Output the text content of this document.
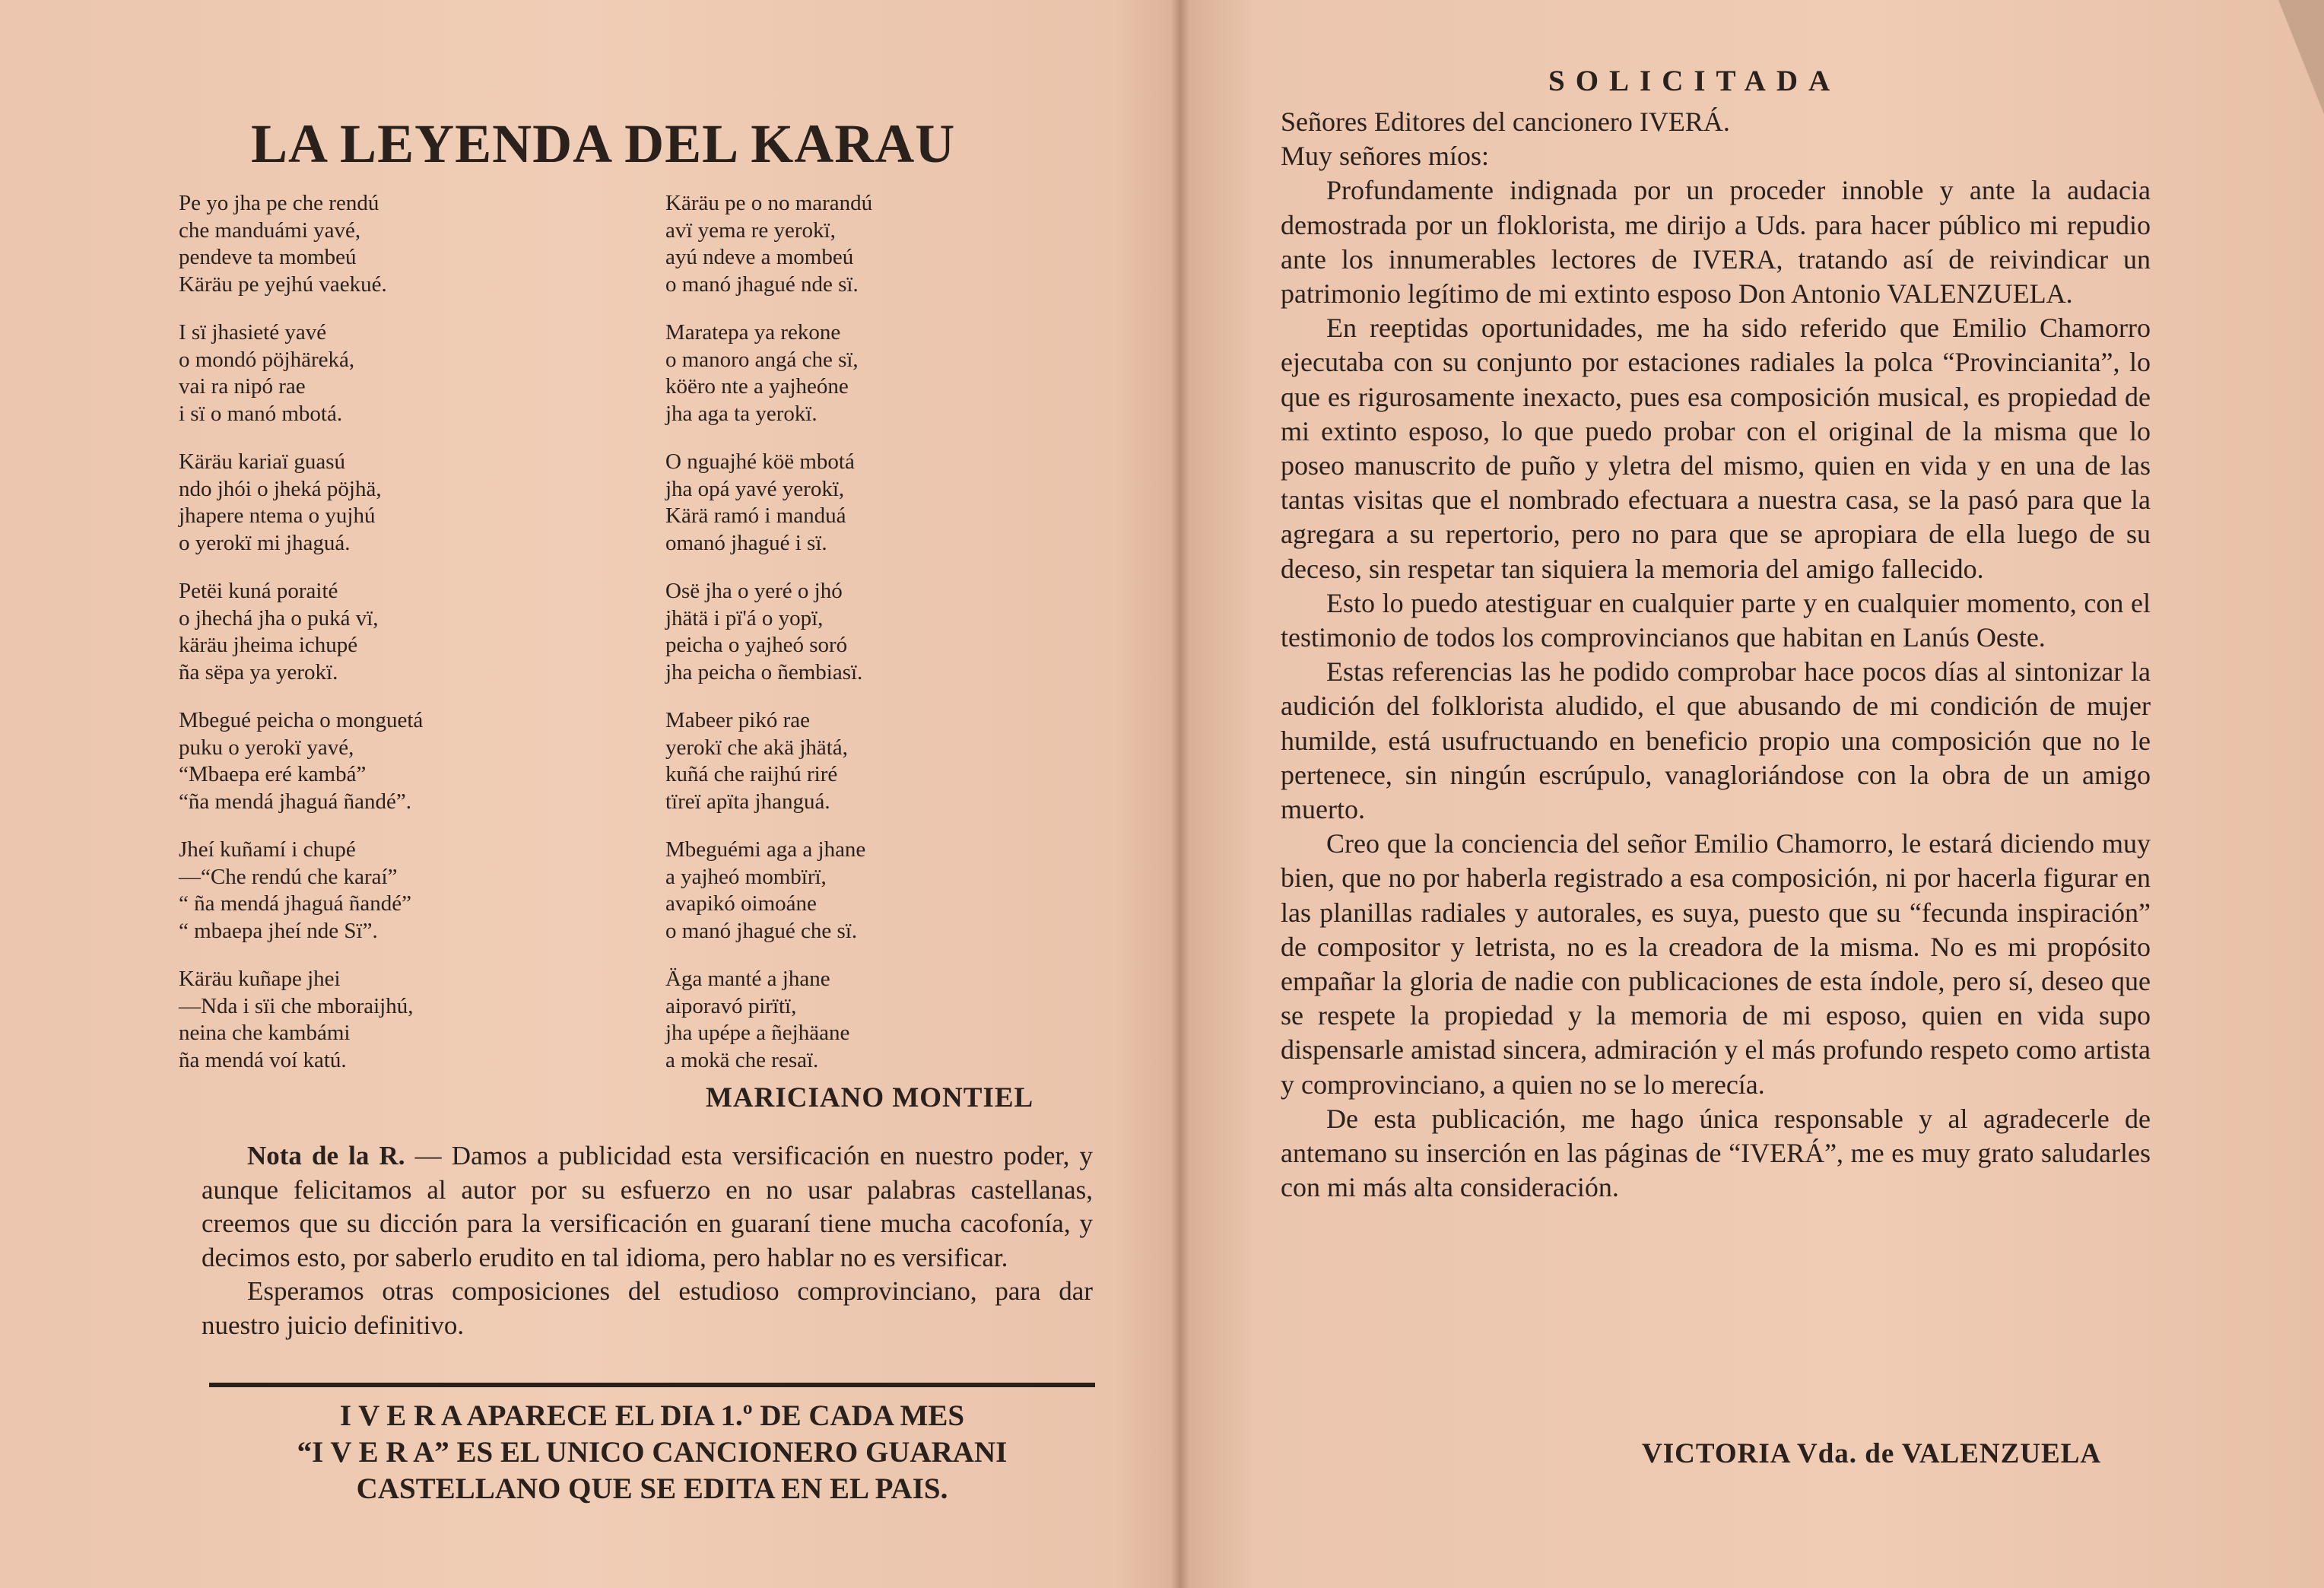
LA LEYENDA DEL KARAU
Pe yo jha pe che rendú
che manduámi yavé,
pendeve ta mombeú
Käräu pe yejhú vaekué.
I sï jhasieté yavé
o mondó pöjhäreká,
vai ra nipó rae
i sï o manó mbotá.
Käräu kariaï guasú
ndo jhói o jheká pöjhä,
jhapere ntema o yujhú
o yerokï mi jhaguá.
Petëi kuná poraité
o jhechá jha o puká vï,
käräu jheima ichupé
ña sëpa ya yerokï.
Mbegué peicha o monguetá
puku o yerokï yavé,
“Mbaepa eré kambá”
“ña mendá jhaguá ñandé”.
Jheí kuñamí i chupé
—“Che rendú che karaí”
“ ña mendá jhaguá ñandé”
“ mbaepa jheí nde Sï”.
Käräu kuñape jhei
—Nda i sïi che mboraijhú,
neina che kambámi
ña mendá voí katú.
Käräu pe o no marandú
avï yema re yerokï,
ayú ndeve a mombeú
o manó jhagué nde sï.
Maratepa ya rekone
o manoro angá che sï,
köëro nte a yajheóne
jha aga ta yerokï.
O nguajhé köë mbotá
jha opá yavé yerokï,
Kärä ramó i manduá
omanó jhagué i sï.
Osë jha o yeré o jhó
jhätä i pï'á o yopï,
peicha o yajheó soró
jha peicha o ñembiasï.
Mabeer pikó rae
yerokï che akä jhätá,
kuñá che raijhú riré
tïreï apïta jhanguá.
Mbeguémi aga a jhane
a yajheó mombïrï,
avapikó oimoáne
o manó jhagué che sï.
Äga manté a jhane
aiporavó pirïtï,
jha upépe a ñejhäane
a mokä che resaï.
MARICIANO MONTIEL

Nota de la R. — Damos a publicidad esta versificación en nuestro poder, y aunque felicitamos al autor por su esfuerzo en no usar palabras castellanas, creemos que su dicción para la versificación en guaraní tiene mucha cacofonía, y decimos esto, por saberlo erudito en tal idioma, pero hablar no es versificar.

Esperamos otras composiciones del estudioso comprovinciano, para dar nuestro juicio definitivo.

I V E R A APARECE EL DIA 1.º DE CADA MES
“I V E R A” ES EL UNICO CANCIONERO GUARANI
CASTELLANO QUE SE EDITA EN EL PAIS.
SOLICITADA

Señores Editores del cancionero IVERÁ.

Muy señores míos:

Profundamente indignada por un proceder innoble y ante la audacia demostrada por un floklorista, me dirijo a Uds. para hacer público mi repudio ante los innumerables lectores de IVERA, tratando así de reivindicar un patrimonio legítimo de mi extinto esposo Don Antonio VALENZUELA.

En reeptidas oportunidades, me ha sido referido que Emilio Chamorro ejecutaba con su conjunto por estaciones radiales la polca “Provincianita”, lo que es rigurosamente inexacto, pues esa composición musical, es propiedad de mi extinto esposo, lo que puedo probar con el original de la misma que lo poseo manuscrito de puño y yletra del mismo, quien en vida y en una de las tantas visitas que el nombrado efectuara a nuestra casa, se la pasó para que la agregara a su repertorio, pero no para que se apropiara de ella luego de su deceso, sin respetar tan siquiera la memoria del amigo fallecido.

Esto lo puedo atestiguar en cualquier parte y en cualquier momento, con el testimonio de todos los comprovincianos que habitan en Lanús Oeste.

Estas referencias las he podido comprobar hace pocos días al sintonizar la audición del folklorista aludido, el que abusando de mi condición de mujer humilde, está usufructuando en beneficio propio una composición que no le pertenece, sin ningún escrúpulo, vanagloriándose con la obra de un amigo muerto.

Creo que la conciencia del señor Emilio Chamorro, le estará diciendo muy bien, que no por haberla registrado a esa composición, ni por hacerla figurar en las planillas radiales y autorales, es suya, puesto que su “fecunda inspiración” de compositor y letrista, no es la creadora de la misma. No es mi propósito empañar la gloria de nadie con publicaciones de esta índole, pero sí, deseo que se respete la propiedad y la memoria de mi esposo, quien en vida supo dispensarle amistad sincera, admiración y el más profundo respeto como artista y comprovinciano, a quien no se lo merecía.

De esta publicación, me hago única responsable y al agradecerle de antemano su inserción en las páginas de “IVERÁ”, me es muy grato saludarles con mi más alta consideración.

VICTORIA Vda. de VALENZUELA
